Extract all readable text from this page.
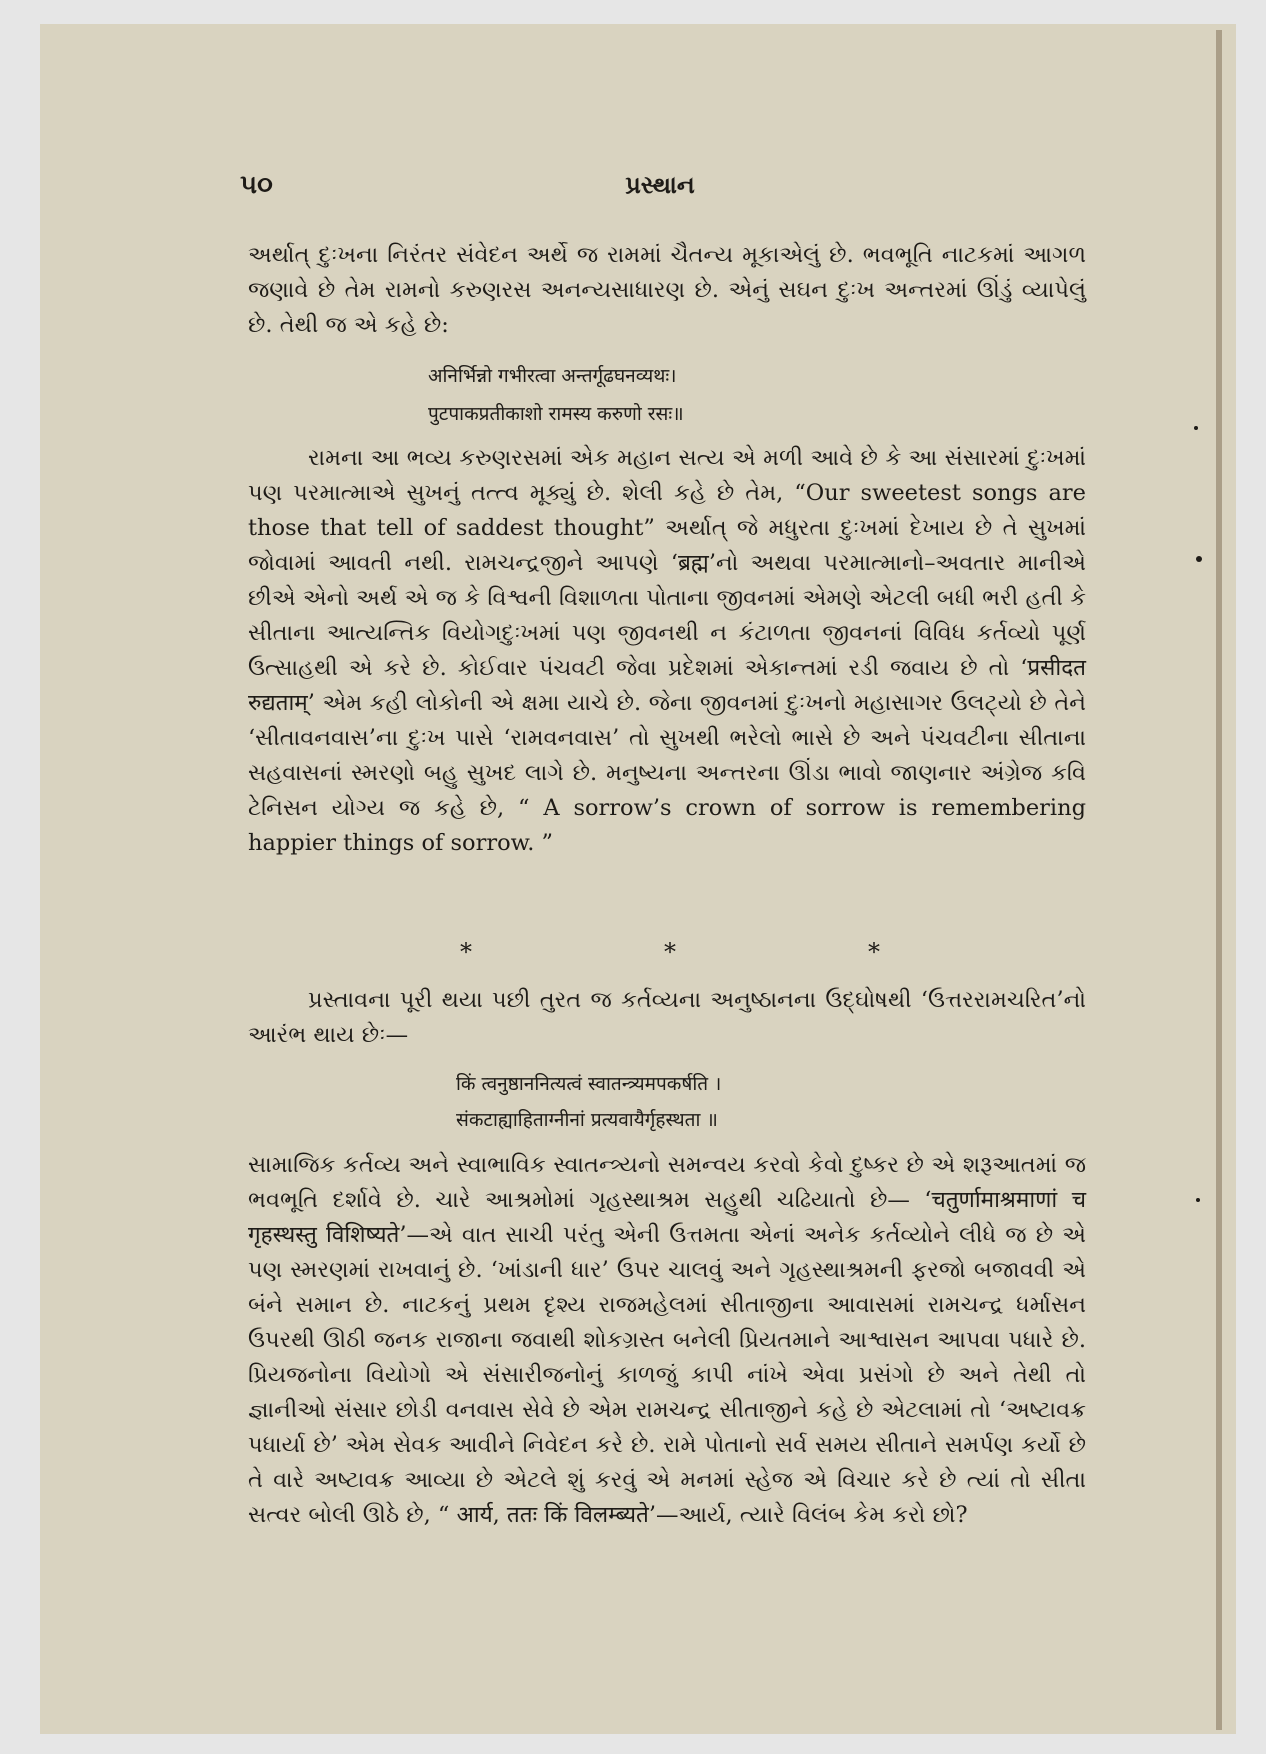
૫૦	પ્રસ્થાન

અર્થાત્ દુઃખના નિરંતર સંવેદન અર્થે જ રામમાં ચૈતન્ય મૂકાએલું છે. ભવભૂતિ નાટકમાં આગળ જણાવે છે તેમ રામનો કરુણરસ અનન્યસાધારણ છે. એનું સઘન દુઃખ અન્તરમાં ઊંડું વ્યાપેલું છે. તેથી જ એ કહે છે:

अनिर्भिन्नो गभीरत्वा अन्तर्गूढघनव्यथः।

पुटपाकप्रतीकाशो रामस्य करुणो रसः॥

રામના આ ભવ્ય કરુણરસમાં એક મહાન સત્ય એ મળી આવે છે કે આ સંસારમાં દુઃખમાં પણ પરમાત્માએ સુખનું તત્ત્વ મૂક્યું છે. શેલી કહે છે તેમ, “Our sweetest songs are those that tell of saddest thought” અર્થાત્ જે મધુરતા દુઃખમાં દેખાય છે તે સુખમાં જોવામાં આવતી નથી. રામચન્દ્રજીને આપણે ‘ब्रह्म’નો અથવા પરમાત્માનો–અવતાર માનીએ છીએ એનો અર્થ એ જ કે વિશ્વની વિશાળતા પોતાના જીવનમાં એમણે એટલી બધી ભરી હતી કે સીતાના આત્યન્તિક વિયોગદુઃખમાં પણ જીવનથી ન કંટાળતા જીવનનાં વિવિધ કર્તવ્યો પૂર્ણ ઉત્સાહથી એ કરે છે. કોઈવાર પંચવટી જેવા પ્રદેશમાં એકાન્તમાં રડી જવાય છે તો ‘प्रसीदत रुद्यताम्’ એમ કહી લોકોની એ ક્ષમા યાચે છે. જેના જીવનમાં દુઃખનો મહાસાગર ઉલટ્યો છે તેને ‘સીતાવનવાસ’ના દુઃખ પાસે ‘રામવનવાસ’ તો સુખથી ભરેલો ભાસે છે અને પંચવટીના સીતાના સહવાસનાં સ્મરણો બહુ સુખદ લાગે છે. મનુષ્યના અન્તરના ઊંડા ભાવો જાણનાર અંગ્રેજ કવિ ટેનિસન યોગ્ય જ કહે છે, “ A sorrow’s crown of sorrow is remembering happier things of sorrow. ”

*	*	*

પ્રસ્તાવના પૂરી થયા પછી તુરત જ કર્તવ્યના અનુષ્ઠાનના ઉદ્ઘોષથી ‘ઉત્તરરામચરિત’નો આરંભ થાય છેઃ—

किं त्वनुष्ठाननित्यत्वं स्वातन्त्र्यमपकर्षति ।

संकटाह्याहिताग्नीनां प्रत्यवायैर्गृहस्थता ॥

સામાજિક કર્તવ્ય અને સ્વાભાવિક સ્વાતન્ત્ર્યનો સમન્વય કરવો કેવો દુષ્કર છે એ શરૂઆતમાં જ ભવભૂતિ દર્શાવે છે. ચારે આશ્રમોમાં ગૃહસ્થાશ્રમ સહુથી ચઢિયાતો છે— ‘चतुर्णामाश्रमाणां च गृहस्थस्तु विशिष्यते’—એ વાત સાચી પરંતુ એની ઉત્તમતા એનાં અનેક કર્તવ્યોને લીધે જ છે એ પણ સ્મરણમાં રાખવાનું છે. ‘ખાંડાની ધાર’ ઉપર ચાલવું અને ગૃહસ્થાશ્રમની ફરજો બજાવવી એ બંને સમાન છે. નાટકનું પ્રથમ દૃશ્ય રાજમહેલમાં સીતાજીના આવાસમાં રામચન્દ્ર ધર્માસન ઉપરથી ઊઠી જનક રાજાના જવાથી શોકગ્રસ્ત બનેલી પ્રિયતમાને આશ્વાસન આપવા પધારે છે. પ્રિયજનોના વિયોગો એ સંસારીજનોનું કાળજું કાપી નાંખે એવા પ્રસંગો છે અને તેથી તો જ્ઞાનીઓ સંસાર છોડી વનવાસ સેવે છે એમ રામચન્દ્ર સીતાજીને કહે છે એટલામાં તો ‘અષ્ટાવક્ર પધાર્યા છે’ એમ સેવક આવીને નિવેદન કરે છે. રામે પોતાનો સર્વ સમય સીતાને સમર્પણ કર્યો છે તે વારે અષ્ટાવક્ર આવ્યા છે એટલે શું કરવું એ મનમાં સ્હેજ એ વિચાર કરે છે ત્યાં તો સીતા સત્વર બોલી ઊઠે છે, “ आर्य, ततः किं विलम्ब्यते’—આર્ય, ત્યારે વિલંબ કેમ કરો છો?
